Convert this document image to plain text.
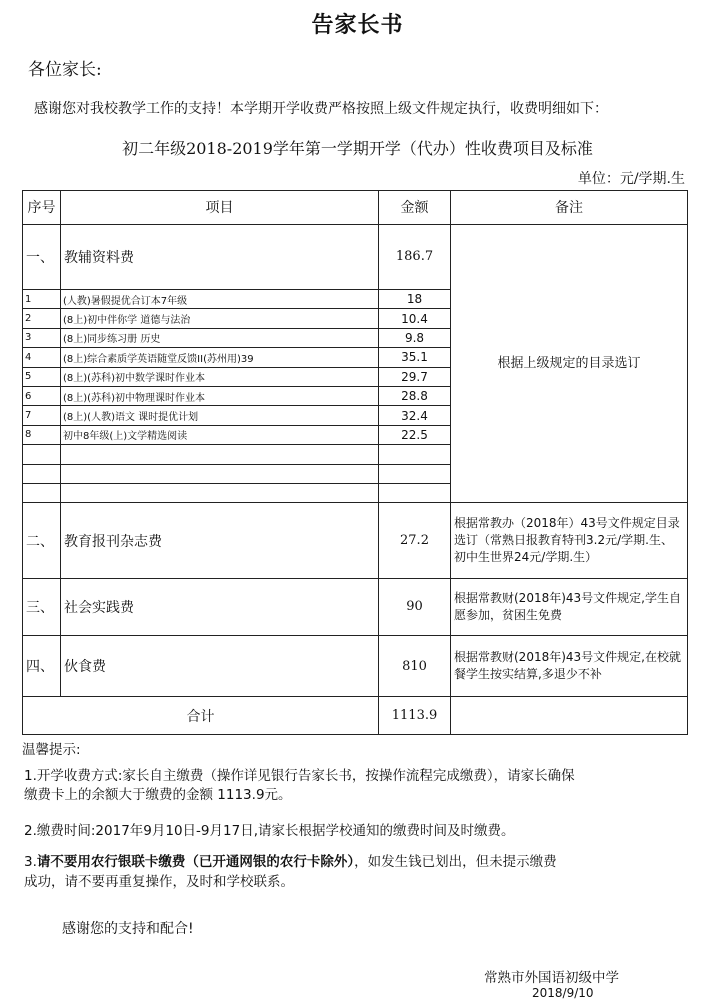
告家长书
各位家长:
感谢您对我校教学工作的支持！本学期开学收费严格按照上级文件规定执行，收费明细如下：
初二年级2018-2019学年第一学期开学（代办）性收费项目及标准
单位：元/学期.生
序号	项目	金额	备注
一、	教辅资料费	186.7	根据上级规定的目录选订
1	(人教)暑假提优合订本7年级	18	
2	(8上)初中伴你学 道德与法治	10.4	
3	(8上)同步练习册 历史	9.8	
4	(8上)综合素质学英语随堂反馈II(苏州用)39	35.1	
5	(8上)(苏科)初中数学课时作业本	29.7	
6	(8上)(苏科)初中物理课时作业本	28.8	
7	(8上)(人教)语文 课时提优计划	32.4	
8	初中8年级(上)文学精选阅读	22.5	

二、	教育报刊杂志费	27.2	根据常教办（2018年）43号文件规定目录选订（常熟日报教育特刊3.2元/学期.生、初中生世界24元/学期.生）
三、	社会实践费	90	根据常教财(2018年)43号文件规定,学生自愿参加，贫困生免费
四、	伙食费	810	根据常教财(2018年)43号文件规定,在校就餐学生按实结算,多退少不补
合计		1113.9	
温馨提示:
1.开学收费方式:家长自主缴费（操作详见银行告家长书，按操作流程完成缴费），请家长确保
缴费卡上的余额大于缴费的金额 1113.9元。
2.缴费时间:2017年9月10日-9月17日,请家长根据学校通知的缴费时间及时缴费。
3.请不要用农行银联卡缴费（已开通网银的农行卡除外），如发生钱已划出，但未提示缴费
成功，请不要再重复操作，及时和学校联系。
感谢您的支持和配合!
常熟市外国语初级中学
2018/9/10
